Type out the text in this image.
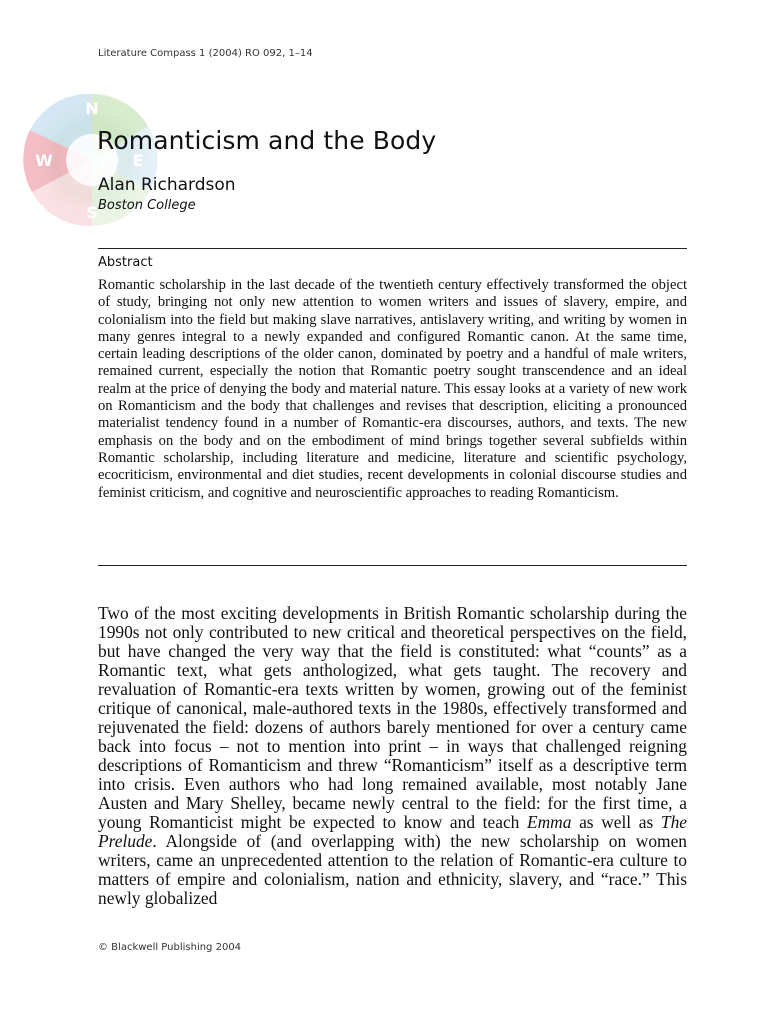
Literature Compass 1 (2004) RO 092, 1–14
N
E
S
W
Romanticism and the Body
Alan Richardson
Boston College
Abstract

Romantic scholarship in the last decade of the twentieth century effectively transformed the object of study, bringing not only new attention to women writers and issues of slavery, empire, and colonialism into the field but making slave narratives, antislavery writing, and writing by women in many genres integral to a newly expanded and configured Romantic canon. At the same time, certain leading descriptions of the older canon, dominated by poetry and a handful of male writers, remained current, especially the notion that Romantic poetry sought transcendence and an ideal realm at the price of denying the body and material nature. This essay looks at a variety of new work on Romanticism and the body that challenges and revises that description, eliciting a pronounced materialist tendency found in a number of Romantic-era discourses, authors, and texts. The new emphasis on the body and on the embodiment of mind brings together several subfields within Romantic scholarship, including literature and medicine, literature and scientific psychology, ecocriticism, environmental and diet studies, recent developments in colonial discourse studies and feminist criticism, and cognitive and neuroscientific approaches to reading Romanticism.

Two of the most exciting developments in British Romantic scholarship during the 1990s not only contributed to new critical and theoretical perspectives on the field, but have changed the very way that the field is constituted: what “counts” as a Romantic text, what gets anthologized, what gets taught. The recovery and revaluation of Romantic-era texts written by women, growing out of the feminist critique of canonical, male-authored texts in the 1980s, effectively transformed and rejuvenated the field: dozens of authors barely mentioned for over a century came back into focus – not to mention into print – in ways that challenged reigning descriptions of Romanticism and threw “Romanticism” itself as a descriptive term into crisis. Even authors who had long remained available, most notably Jane Austen and Mary Shelley, became newly central to the field: for the first time, a young Romanticist might be expected to know and teach Emma as well as The Prelude. Alongside of (and overlapping with) the new scholarship on women writers, came an unprecedented attention to the relation of Romantic-era culture to matters of empire and colonialism, nation and ethnicity, slavery, and “race.” This newly globalized

© Blackwell Publishing 2004
